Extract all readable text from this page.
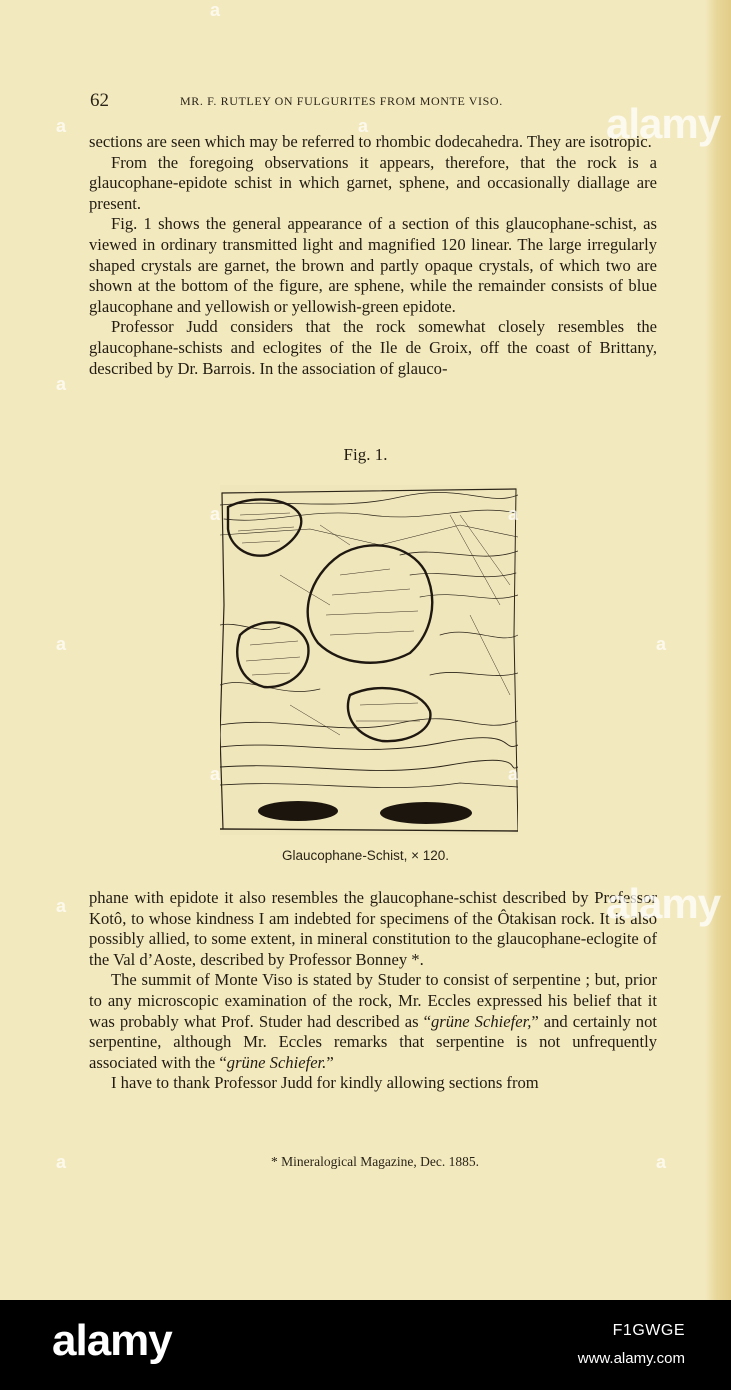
62	MR. F. RUTLEY ON FULGURITES FROM MONTE VISO.

sections are seen which may be referred to rhombic dodecahedra. They are isotropic.

From the foregoing observations it appears, therefore, that the rock is a glaucophane-epidote schist in which garnet, sphene, and occasionally diallage are present.

Fig. 1 shows the general appearance of a section of this glaucophane-schist, as viewed in ordinary transmitted light and magnified 120 linear. The large irregularly shaped crystals are garnet, the brown and partly opaque crystals, of which two are shown at the bottom of the figure, are sphene, while the remainder consists of blue glaucophane and yellowish or yellowish-green epidote.

Professor Judd considers that the rock somewhat closely resembles the glaucophane-schists and eclogites of the Ile de Groix, off the coast of Brittany, described by Dr. Barrois. In the association of glauco-

Fig. 1.
Glaucophane-Schist, × 120.

phane with epidote it also resembles the glaucophane-schist described by Professor Kotô, to whose kindness I am indebted for specimens of the Ôtakisan rock. It is also possibly allied, to some extent, in mineral constitution to the glaucophane-eclogite of the Val d’Aoste, described by Professor Bonney *.

The summit of Monte Viso is stated by Studer to consist of serpentine ; but, prior to any microscopic examination of the rock, Mr. Eccles expressed his belief that it was probably what Prof. Studer had described as “grüne Schiefer,” and certainly not serpentine, although Mr. Eccles remarks that serpentine is not unfrequently associated with the “grüne Schiefer.”

I have to thank Professor Judd for kindly allowing sections from

* Mineralogical Magazine, Dec. 1885.
alamy
alamy
a
a
a
a
a
a
a
a	a
a	a
a
a
alamy	F1GWGE
www.alamy.com
